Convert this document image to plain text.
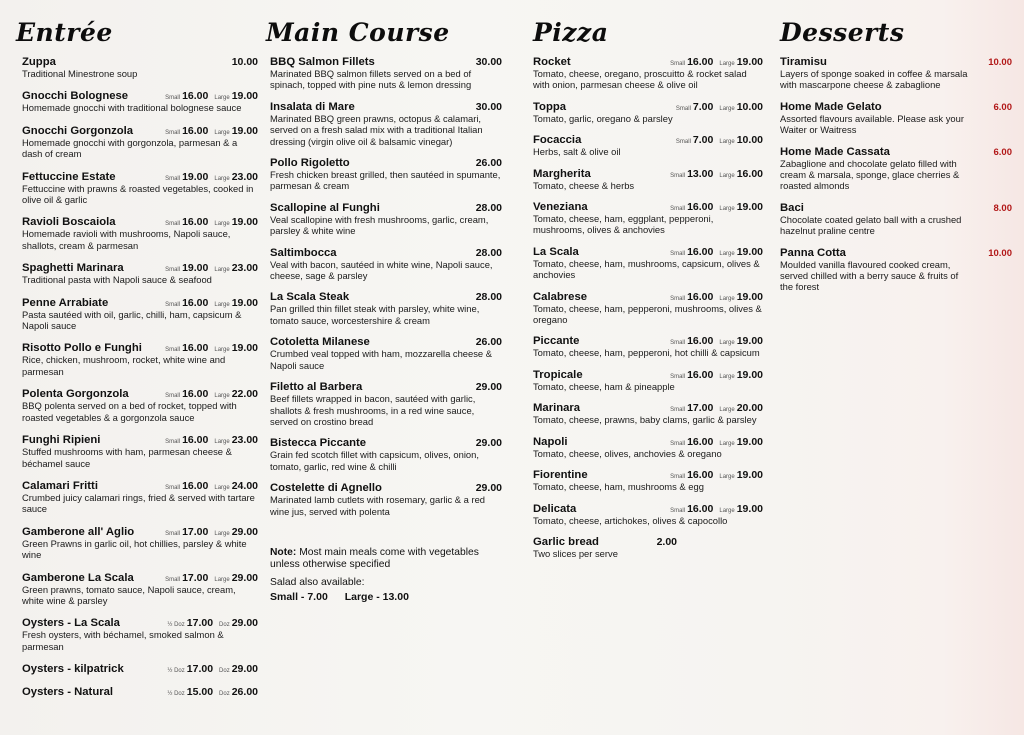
Entrée
Zuppa	10.00
Traditional Minestrone soup
Gnocchi Bolognese	Small 16.00 Large 19.00
Homemade gnocchi with traditional bolognese sauce
Gnocchi Gorgonzola	Small 16.00 Large 19.00
Homemade gnocchi with gorgonzola, parmesan & a dash of cream
Fettuccine Estate	Small 19.00 Large 23.00
Fettuccine with prawns & roasted vegetables, cooked in olive oil & garlic
Ravioli Boscaiola	Small 16.00 Large 19.00
Homemade ravioli with mushrooms, Napoli sauce, shallots, cream & parmesan
Spaghetti Marinara	Small 19.00 Large 23.00
Traditional pasta with Napoli sauce & seafood
Penne Arrabiate	Small 16.00 Large 19.00
Pasta sautéed with oil, garlic, chilli, ham, capsicum & Napoli sauce
Risotto Pollo e Funghi	Small 16.00 Large 19.00
Rice, chicken, mushroom, rocket, white wine and parmesan
Polenta Gorgonzola	Small 16.00 Large 22.00
BBQ polenta served on a bed of rocket, topped with roasted vegetables & a gorgonzola sauce
Funghi Ripieni	Small 16.00 Large 23.00
Stuffed mushrooms with ham, parmesan cheese & béchamel sauce
Calamari Fritti	Small 16.00 Large 24.00
Crumbed juicy calamari rings, fried & served with tartare sauce
Gamberone all' Aglio	Small 17.00 Large 29.00
Green Prawns in garlic oil, hot chillies, parsley & white wine
Gamberone La Scala	Small 17.00 Large 29.00
Green prawns, tomato sauce, Napoli sauce, cream, white wine & parsley
Oysters - La Scala	½ Doz 17.00 Doz 29.00
Fresh oysters, with béchamel, smoked salmon & parmesan
Oysters - kilpatrick	½ Doz 17.00 Doz 29.00
Oysters - Natural	½ Doz 15.00 Doz 26.00
Main Course
BBQ Salmon Fillets	30.00
Marinated BBQ salmon fillets served on a bed of spinach, topped with pine nuts & lemon dressing
Insalata di Mare	30.00
Marinated BBQ green prawns, octopus & calamari, served on a fresh salad mix with a traditional Italian dressing (virgin olive oil & balsamic vinegar)
Pollo Rigoletto	26.00
Fresh chicken breast grilled, then sautéed in spumante, parmesan & cream
Scallopine al Funghi	28.00
Veal scallopine with fresh mushrooms, garlic, cream, parsley & white wine
Saltimbocca	28.00
Veal with bacon, sautéed in white wine, Napoli sauce, cheese, sage & parsley
La Scala Steak	28.00
Pan grilled thin fillet steak with parsley, white wine, tomato sauce, worcestershire & cream
Cotoletta Milanese	26.00
Crumbed veal topped with ham, mozzarella cheese & Napoli sauce
Filetto al Barbera	29.00
Beef fillets wrapped in bacon, sautéed with garlic, shallots & fresh mushrooms, in a red wine sauce, served on crostino bread
Bistecca Piccante	29.00
Grain fed scotch fillet with capsicum, olives, onion, tomato, garlic, red wine & chilli
Costelette di Agnello	29.00
Marinated lamb cutlets with rosemary, garlic & a red wine jus, served with polenta
Note: Most main meals come with vegetables unless otherwise specified
Salad also available:
Small - 7.00 Large - 13.00
Pizza
Rocket	Small 16.00 Large 19.00
Tomato, cheese, oregano, proscuitto & rocket salad with onion, parmesan cheese & olive oil
Toppa	Small 7.00 Large 10.00
Tomato, garlic, oregano & parsley
Focaccia	Small 7.00 Large 10.00
Herbs, salt & olive oil
Margherita	Small 13.00 Large 16.00
Tomato, cheese & herbs
Veneziana	Small 16.00 Large 19.00
Tomato, cheese, ham, eggplant, pepperoni, mushrooms, olives & anchovies
La Scala	Small 16.00 Large 19.00
Tomato, cheese, ham, mushrooms, capsicum, olives & anchovies
Calabrese	Small 16.00 Large 19.00
Tomato, cheese, ham, pepperoni, mushrooms, olives & oregano
Piccante	Small 16.00 Large 19.00
Tomato, cheese, ham, pepperoni, hot chilli & capsicum
Tropicale	Small 16.00 Large 19.00
Tomato, cheese, ham & pineapple
Marinara	Small 17.00 Large 20.00
Tomato, cheese, prawns, baby clams, garlic & parsley
Napoli	Small 16.00 Large 19.00
Tomato, cheese, olives, anchovies & oregano
Fiorentine	Small 16.00 Large 19.00
Tomato, cheese, ham, mushrooms & egg
Delicata	Small 16.00 Large 19.00
Tomato, cheese, artichokes, olives & capocollo
Garlic bread	2.00
Two slices per serve
Desserts
Tiramisu	10.00
Layers of sponge soaked in coffee & marsala with mascarpone cheese & zabaglione
Home Made Gelato	6.00
Assorted flavours available. Please ask your Waiter or Waitress
Home Made Cassata	6.00
Zabaglione and chocolate gelato filled with cream & marsala, sponge, glace cherries & roasted almonds
Baci	8.00
Chocolate coated gelato ball with a crushed hazelnut praline centre
Panna Cotta	10.00
Moulded vanilla flavoured cooked cream, served chilled with a berry sauce & fruits of the forest
